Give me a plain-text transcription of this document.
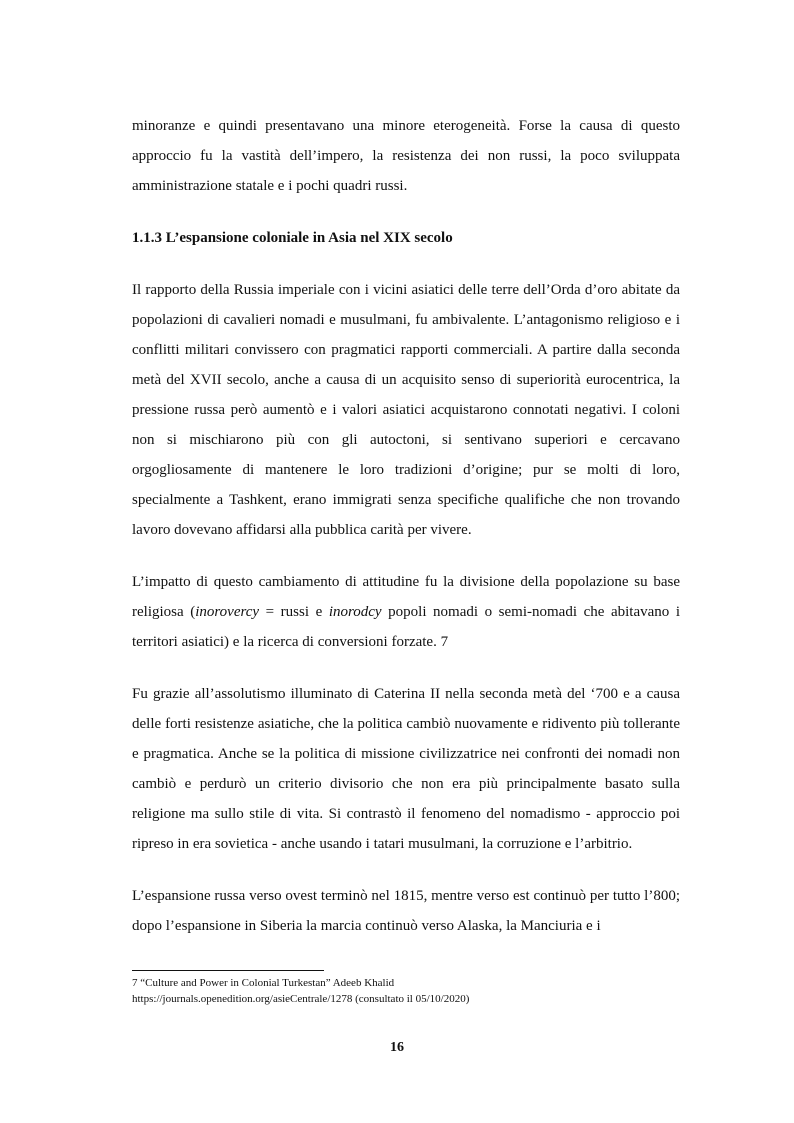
minoranze e quindi presentavano una minore eterogeneità. Forse la causa di questo approccio fu la vastità dell’impero, la resistenza dei non russi, la poco sviluppata amministrazione statale e i pochi quadri russi.

1.1.3 L’espansione coloniale in Asia nel XIX secolo

Il rapporto della Russia imperiale con i vicini asiatici delle terre dell’Orda d’oro abitate da popolazioni di cavalieri nomadi e musulmani, fu ambivalente. L’antagonismo religioso e i conflitti militari convissero con pragmatici rapporti commerciali. A partire dalla seconda metà del XVII secolo, anche a causa di un acquisito senso di superiorità eurocentrica, la pressione russa però aumentò e i valori asiatici acquistarono connotati negativi. I coloni non si mischiarono più con gli autoctoni, si sentivano superiori e cercavano orgogliosamente di mantenere le loro tradizioni d’origine; pur se molti di loro, specialmente a Tashkent, erano immigrati senza specifiche qualifiche che non trovando lavoro dovevano affidarsi alla pubblica carità per vivere.

L’impatto di questo cambiamento di attitudine fu la divisione della popolazione su base religiosa (inorovercy = russi e inorodcy popoli nomadi o semi-nomadi che abitavano i territori asiatici) e la ricerca di conversioni forzate. 7

Fu grazie all’assolutismo illuminato di Caterina II nella seconda metà del ‘700 e a causa delle forti resistenze asiatiche, che la politica cambiò nuovamente e ridivento più tollerante e pragmatica. Anche se la politica di missione civilizzatrice nei confronti dei nomadi non cambiò e perdurò un criterio divisorio che non era più principalmente basato sulla religione ma sullo stile di vita. Si contrastò il fenomeno del nomadismo - approccio poi ripreso in era sovietica - anche usando i tatari musulmani, la corruzione e l’arbitrio.

L’espansione russa verso ovest terminò nel 1815, mentre verso est continuò per tutto l’800; dopo l’espansione in Siberia la marcia continuò verso Alaska, la Manciuria e i

7 “Culture and Power in Colonial Turkestan” Adeeb Khalid
https://journals.openedition.org/asieCentrale/1278 (consultato il 05/10/2020)
16
